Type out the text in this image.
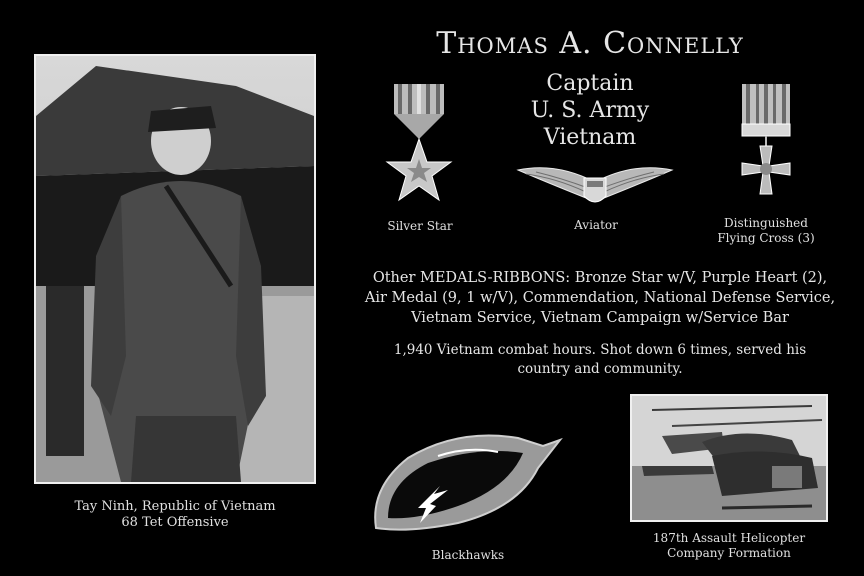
Thomas A. Connelly
Captain
U. S. Army
Vietnam
Tay Ninh, Republic of Vietnam
68 Tet Offensive
Silver Star	Aviator	Distinguished
Flying Cross (3)
Other MEDALS-RIBBONS: Bronze Star w/V, Purple Heart (2),
Air Medal (9, 1 w/V), Commendation, National Defense Service,
Vietnam Service, Vietnam Campaign w/Service Bar
1,940 Vietnam combat hours. Shot down 6 times, served his
country and community.
Blackhawks
187th Assault Helicopter
Company Formation
